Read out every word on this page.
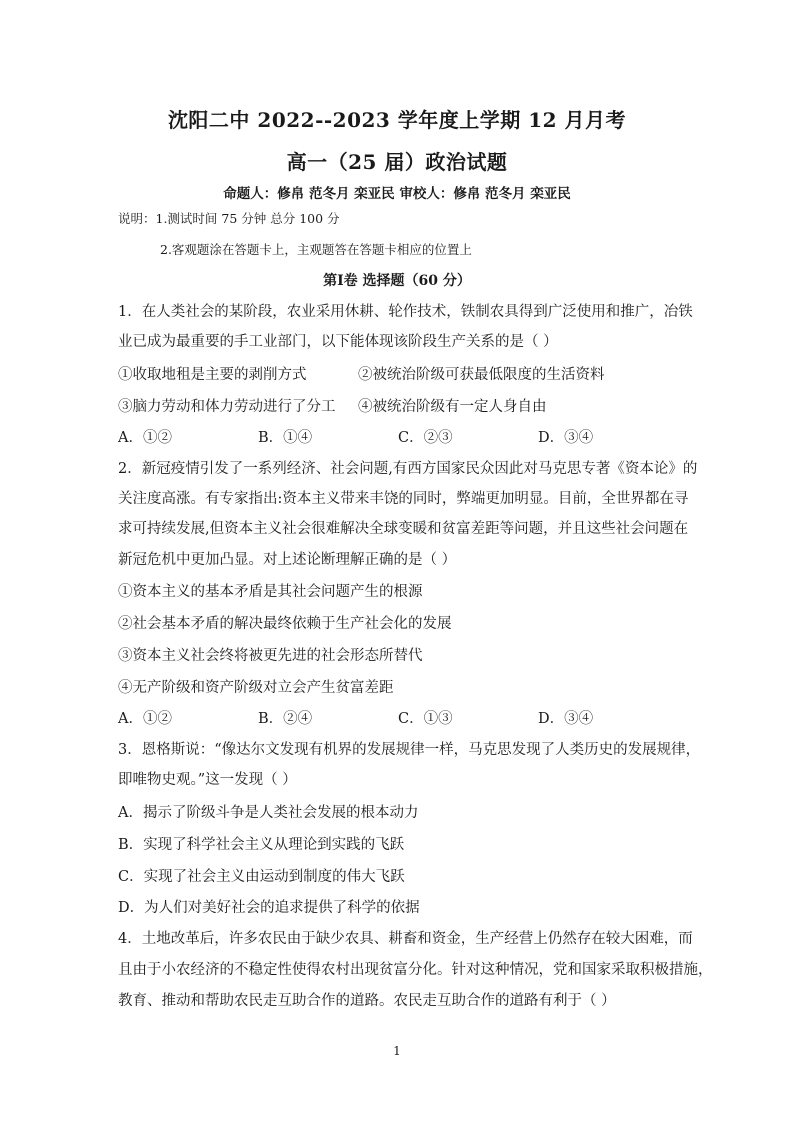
沈阳二中 2022--2023 学年度上学期 12 月月考
高一（25 届）政治试题
命题人：修帛 范冬月 栾亚民 审校人：修帛 范冬月 栾亚民
说明：1.测试时间 75 分钟 总分 100 分
2.客观题涂在答题卡上，主观题答在答题卡相应的位置上
第Ⅰ卷 选择题（60 分）
1．在人类社会的某阶段，农业采用休耕、轮作技术，铁制农具得到广泛使用和推广，冶铁
业已成为最重要的手工业部门，以下能体现该阶段生产关系的是（ ）
①收取地租是主要的剥削方式	②被统治阶级可获最低限度的生活资料
③脑力劳动和体力劳动进行了分工 ④被统治阶级有一定人身自由
A．①②	B．①④	C．②③	D．③④
2．新冠疫情引发了一系列经济、社会问题,有西方国家民众因此对马克思专著《资本论》的
关注度高涨。有专家指出:资本主义带来丰饶的同时，弊端更加明显。目前，全世界都在寻
求可持续发展,但资本主义社会很难解决全球变暖和贫富差距等问题，并且这些社会问题在
新冠危机中更加凸显。对上述论断理解正确的是（ ）
①资本主义的基本矛盾是其社会问题产生的根源
②社会基本矛盾的解决最终依赖于生产社会化的发展
③资本主义社会终将被更先进的社会形态所替代
④无产阶级和资产阶级对立会产生贫富差距
A．①②	B．②④	C．①③	D．③④
3．恩格斯说：“像达尔文发现有机界的发展规律一样，马克思发现了人类历史的发展规律，
即唯物史观。”这一发现（ ）
A．揭示了阶级斗争是人类社会发展的根本动力
B．实现了科学社会主义从理论到实践的飞跃
C．实现了社会主义由运动到制度的伟大飞跃
D．为人们对美好社会的追求提供了科学的依据
4．土地改革后，许多农民由于缺少农具、耕畜和资金，生产经营上仍然存在较大困难，而
且由于小农经济的不稳定性使得农村出现贫富分化。针对这种情况，党和国家采取积极措施，
教育、推动和帮助农民走互助合作的道路。农民走互助合作的道路有利于（ ）
1
